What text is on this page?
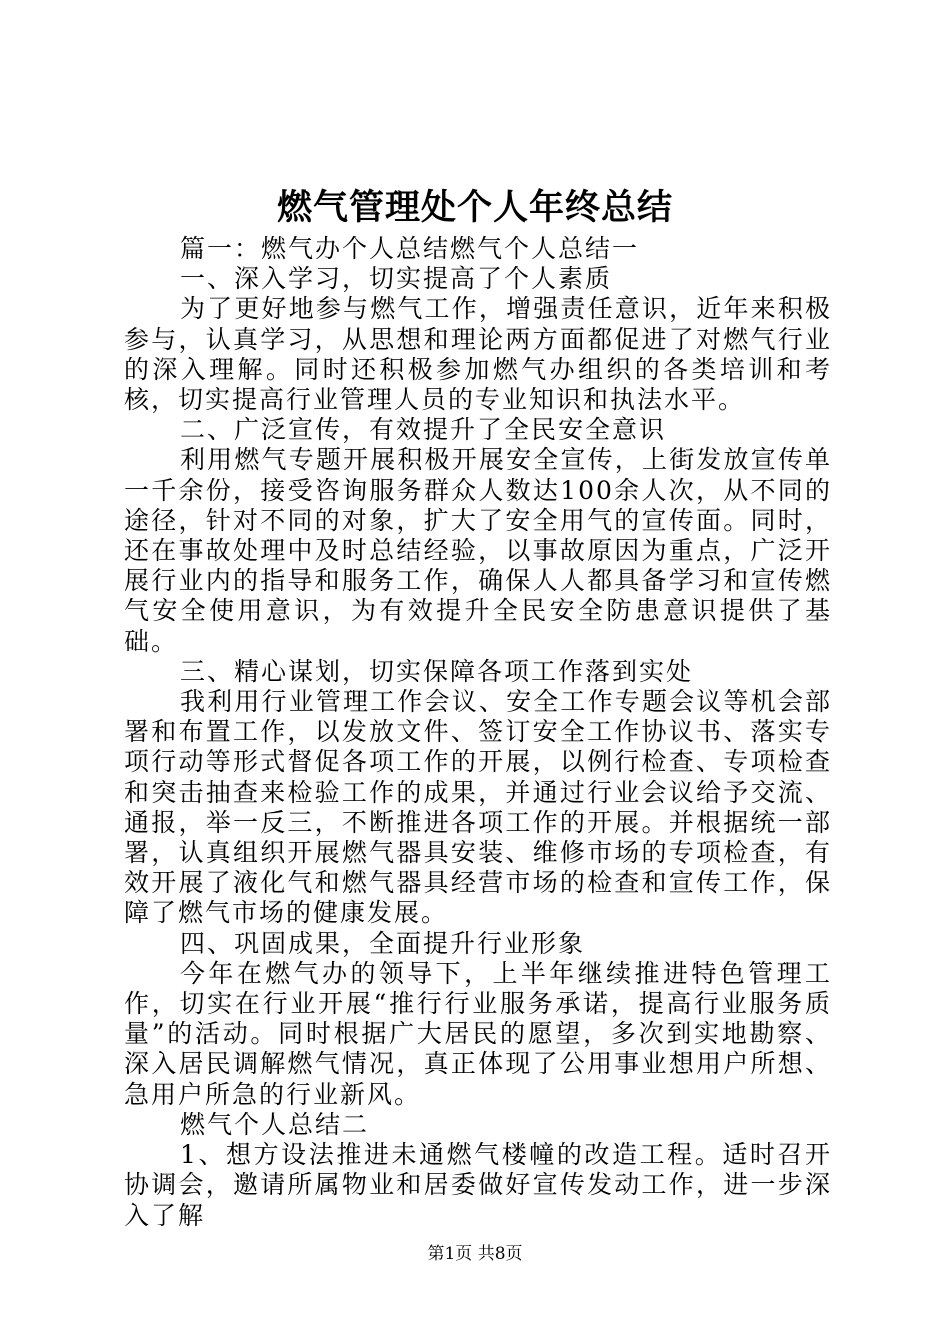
燃气管理处个人年终总结

篇一：燃气办个人总结燃气个人总结一

一、深入学习，切实提高了个人素质

为了更好地参与燃气工作，增强责任意识，近年来积极参与，认真学习，从思想和理论两方面都促进了对燃气行业的深入理解。同时还积极参加燃气办组织的各类培训和考核，切实提高行业管理人员的专业知识和执法水平。

二、广泛宣传，有效提升了全民安全意识

利用燃气专题开展积极开展安全宣传，上街发放宣传单一千余份，接受咨询服务群众人数达100余人次，从不同的途径，针对不同的对象，扩大了安全用气的宣传面。同时，还在事故处理中及时总结经验，以事故原因为重点，广泛开展行业内的指导和服务工作，确保人人都具备学习和宣传燃气安全使用意识，为有效提升全民安全防患意识提供了基础。

三、精心谋划，切实保障各项工作落到实处

我利用行业管理工作会议、安全工作专题会议等机会部署和布置工作，以发放文件、签订安全工作协议书、落实专项行动等形式督促各项工作的开展，以例行检查、专项检查和突击抽查来检验工作的成果，并通过行业会议给予交流、通报，举一反三，不断推进各项工作的开展。并根据统一部署，认真组织开展燃气器具安装、维修市场的专项检查，有效开展了液化气和燃气器具经营市场的检查和宣传工作，保障了燃气市场的健康发展。

四、巩固成果，全面提升行业形象

今年在燃气办的领导下，上半年继续推进特色管理工作，切实在行业开展“推行行业服务承诺，提高行业服务质量”的活动。同时根据广大居民的愿望，多次到实地勘察、深入居民调解燃气情况，真正体现了公用事业想用户所想、急用户所急的行业新风。

燃气个人总结二

1、想方设法推进未通燃气楼幢的改造工程。适时召开协调会，邀请所属物业和居委做好宣传发动工作，进一步深入了解

第1页 共8页
